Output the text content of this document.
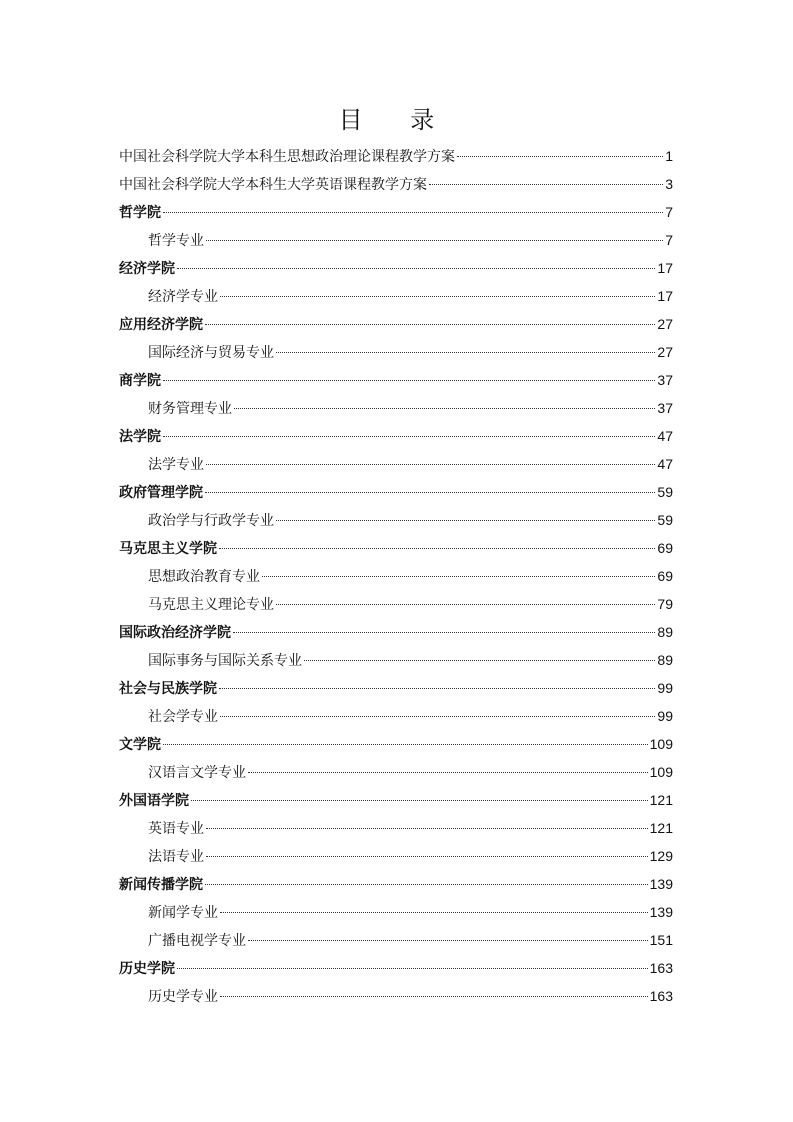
目 录
中国社会科学院大学本科生思想政治理论课程教学方案	1
中国社会科学院大学本科生大学英语课程教学方案	3
哲学院	7
哲学专业	7
经济学院	17
经济学专业	17
应用经济学院	27
国际经济与贸易专业	27
商学院	37
财务管理专业	37
法学院	47
法学专业	47
政府管理学院	59
政治学与行政学专业	59
马克思主义学院	69
思想政治教育专业	69
马克思主义理论专业	79
国际政治经济学院	89
国际事务与国际关系专业	89
社会与民族学院	99
社会学专业	99
文学院	109
汉语言文学专业	109
外国语学院	121
英语专业	121
法语专业	129
新闻传播学院	139
新闻学专业	139
广播电视学专业	151
历史学院	163
历史学专业	163
